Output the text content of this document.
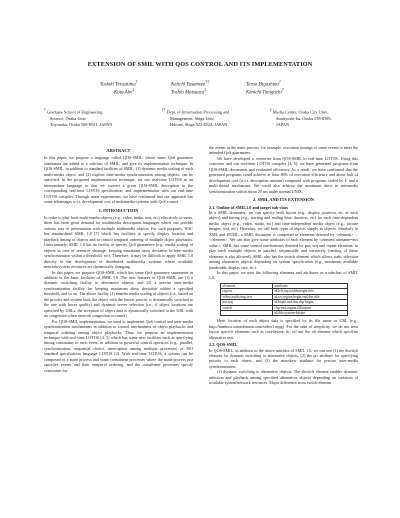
EXTENSION OF SMIL WITH QOS CONTROL AND ITS IMPLEMENTATION
Yoshiki Terashima†
Keiichi Yasumoto††
Teruo Higashino†
Kota Abe‡
Toshio Matsuura‡
Kenichi Taniguchi†
† Graduate School of Engineering
Science, Osaka Univ.
Toyonaka, Osaka 560-8531, JAPAN
†† Dept. of Information Processing and
Management, Shiga Univ.
Hikone, Shiga 522-8522, JAPAN
‡ Media Center, Osaka City Univ.
Sumiyoshi-ku, Osaka 558-8585,
JAPAN
ABSTRACT

In this paper, we propose a language called QOS-SMIL, where some QoS guarantee statements are added to a subclass of SMIL, and give its implementation technique. In QOS-SMIL, in addition to standard facilities of SMIL, (1) dynamic media scaling of each multi-media object, and (2) explicit inter-media synchronization among objects, can be specified. In the proposed implementation technique, we use real-time LOTOS as an intermediate language so that we convert a given QOS-SMIL description to the corresponding real-time LOTOS specification, and implementation with our real-time LOTOS compiler. Through some experiments, we have confirmed that our approach has some advantages w.r.t. development cost of multimedia-systems with QoS control.

1. INTRODUCTION

In order to play back multi-media objects (e.g., video, audio, text, etc) effectively to users, there has been great demand for multimedia description languages which can provide various way of presentation with multiple multimedia objects. For such purposes, W3C has standardized SMIL 1.0 [7] which has facilities to specify display location and playback timing of objects and to control temporal ordering of multiple object playbacks. Unfortunately, SMIL 1.0 has no facility to specify QoS guarantees (e.g., media-scaling of objects in case of resource shortage, keeping maximum skew deviation in inter-media synchronization within a threshold, etc). Therefore, it may be difficult to apply SMIL 1.0 directly to the development of distributed multimedia systems where available network/system resources are dynamically changing.

In this paper, we propose QOS-SMIL which has some QoS guarantee statements in addition to the basic facilities of SMIL 1.0. The new features of QOS-SMIL are (1) a dynamic switching facility to alternative objects, and (2) a precise inter-media synchronization facility for keeping maximum skew deviation within a specified threshold, and so on. The above facility (1) enables media scaling of objects (i.e., based on the priority and system load, the object with the lowest priority is dynamically switched to the one with lower quality) and dynamic server selection (i.e., if object locations are specified by URLs, the reception of object data is dynamically switched to the URL with no congestion when network congestion occurred).

For QOS-SMIL implementation, we need to implement QoS control and inter-media synchronization mechanisms in addition to control mechanisms of object playbacks and temporal ordering among object playbacks. Thus, we propose an implementation technique with real-time LOTOS [4, 5] which has some new facilities such as specifying timing constraints to each event, in addition to powerful control operators (e.g., parallel, synchronization, sequential choice, interruption among multiple processes) of ISO standard specification language LOTOS [2]. With real-time LOTOS, a system can be composed of a main process and some constituent processes where the main process just specifies events and their temporal ordering, and the constituent processes specify constraints for

the events in the main process: for example, execution timings of some events to meet the intended QoS guarantees.

We have developed a converter from QOS-SMIL to real-time LOTOS. Using this converter and our real-time LOTOS compiler [4, 5], we have generated programs from QOS-SMIL documents and evaluated efficiency. As a result, we have confirmed that the generated programs could achieve at least 80% of execution efficiency and about half of development cost (w.r.t. description amount) compared with programs coded by C and a multi-thread mechanism. We could also achieve the maximum skew in intermedia synchronization within about 20 ms under normal UNIX.

2. SMIL AND ITS EXTENSION
2.1. Outline of SMIL1.0 and target sub-class

In a SMIL document, we can specify both layout (e.g., display, position, etc of each object) and timing (e.g., starting and ending time, duration, etc) for each time-dependent media object (e.g., video, audio, etc) and time-independent media object (e.g., picture images, text, etc). Hereafter, we call both types of objects simply as objects. Similarly to XML and HTML, a SMIL document is composed of elements denoted by <element> ... </element>. We can also give some attributes to each element by <element attrname=attr value>. SMIL has some control mechanisms denoted by par, seq and repeat elements, to play back multiple objects in parallel, sequentially and iteratively (nesting of those elements is also allowed). SMIL also has the switch element which allows static selection among alternative objects depending on system specification (e.g., maximum available bandwidth, display size, etc).

In this paper, we treat the following elements and attributes as a subclass of SMIL 1.0.

elements	attributes
region	id,left,top,width,height,title
video,audio,img,text	id,src,region,begin,end,dur,title
par,seq	id,begin,end,dur,clip-begin,
switch	clip-end,region,fill,repeat
	id,title,system-bitrate

Here, location of each object data is specified by its file name or URL (e.g., http://mmhost.somedomain.com/video1.mpg). For the sake of simplicity, we do not treat layout specific elements such as root-layout, tit, ref nor the alt element which specifies alternative text.

2.2. QOS-SMIL

In QOS-SMIL, in addition to the above subclass of SMIL 1.0, we can use (1) the dswitch element for dynamic switching to alternative objects, (2) the pri attribute for specifying priority to each object, and (3) the maxskew attribute for precise inter-media synchronization.

(1) dynamic switching to alternative objects: The dswitch element enables dynamic selection and playback among specified alternative objects depending on variation of available system/network resources. Major difference from switch element
